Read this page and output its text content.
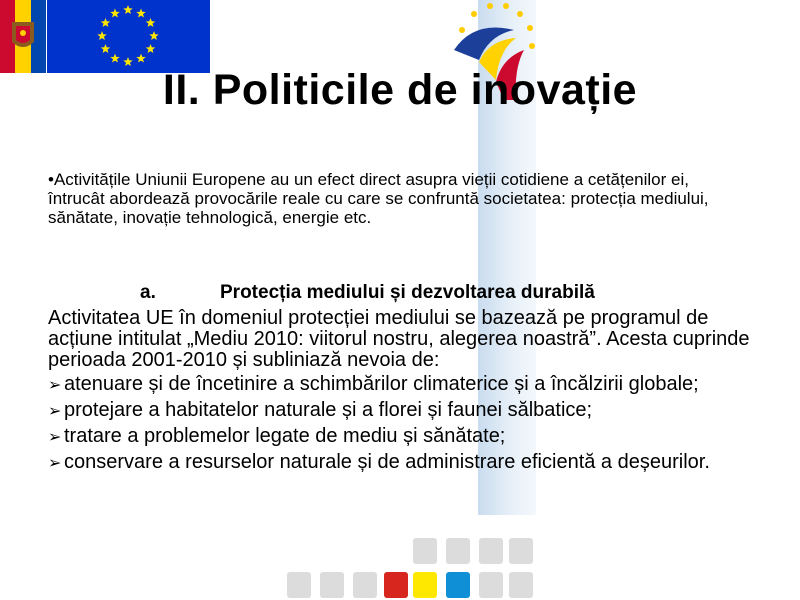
II. Politicile de inovație
•Activitățile Uniunii Europene au un efect direct asupra vieții cotidiene a cetățenilor ei, întrucât abordează provocările reale cu care se confruntă societatea: protecția mediului, sănătate, inovație tehnologică, energie etc.
a.	Protecția mediului și dezvoltarea durabilă
Activitatea UE în domeniul protecției mediului se bazează pe programul de acțiune intitulat „Mediu 2010: viitorul nostru, alegerea noastră”. Acesta cuprinde perioada 2001-2010 și subliniază nevoia de:
➢ atenuare și de încetinire a schimbărilor climaterice și a încălzirii globale;
➢ protejare a habitatelor naturale și a florei și faunei sălbatice;
➢ tratare a problemelor legate de mediu și sănătate;
➢ conservare a resurselor naturale și de administrare eficientă a deșeurilor.
